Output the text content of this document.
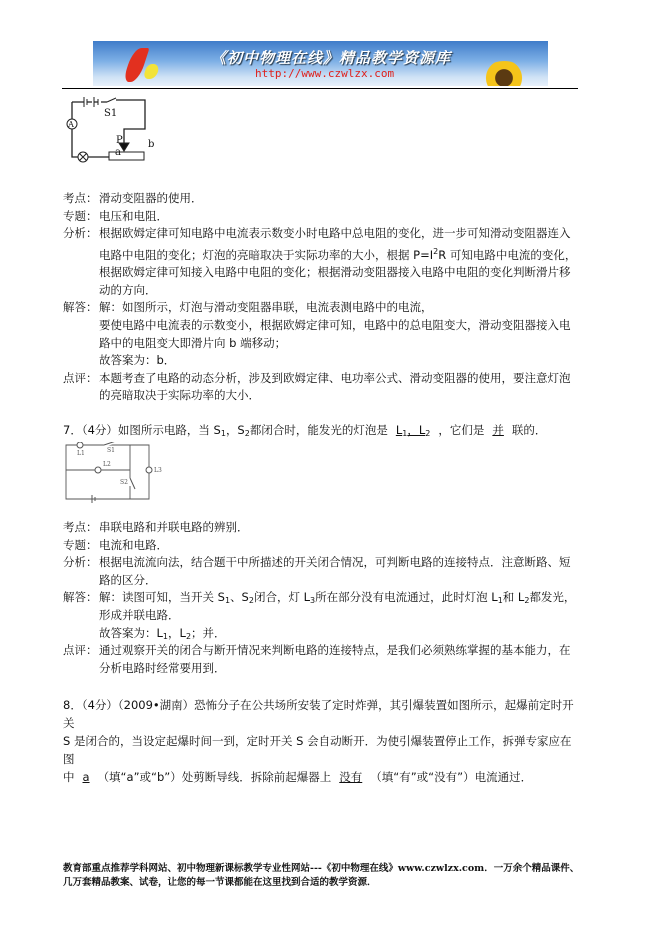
《初中物理在线》精品教学资源库
http://www.czwlzx.com
A
S1
P
a
b
考点： 滑动变阻器的使用．
专题： 电压和电阻．
分析： 根据欧姆定律可知电路中电流表示数变小时电路中总电阻的变化，进一步可知滑动变阻器连入
电路中电阻的变化；灯泡的亮暗取决于实际功率的大小，根据 $P=I^2R$ 可知电路中电流的变化，
根据欧姆定律可知接入电路中电阻的变化；根据滑动变阻器接入电路中电阻的变化判断滑片移
动的方向．
解答： 解：如图所示，灯泡与滑动变阻器串联，电流表测电路中的电流，
要使电路中电流表的示数变小，根据欧姆定律可知，电路中的总电阻变大，滑动变阻器接入电
路中的电阻变大即滑片向 b 端移动；
故答案为：b．
点评： 本题考查了电路的动态分析，涉及到欧姆定律、电功率公式、滑动变阻器的使用，要注意灯泡
的亮暗取决于实际功率的大小．
7．（4分）如图所示电路，当 $S_1$，$S_2$都闭合时，能发光的灯泡是 $L_1$，$L_2$ ，它们是 并 联的．
L1	S1
L2
L3
S2
考点： 串联电路和并联电路的辨别．
专题： 电流和电路．
分析： 根据电流流向法，结合题干中所描述的开关闭合情况，可判断电路的连接特点．注意断路、短
路的区分．
解答： 解：读图可知，当开关 $S_1$、$S_2$闭合，灯 $L_3$所在部分没有电流通过，此时灯泡 $L_1$和 $L_2$都发光，
形成并联电路．
故答案为：$L_1$，$L_2$；并．
点评： 通过观察开关的闭合与断开情况来判断电路的连接特点，是我们必须熟练掌握的基本能力，在
分析电路时经常要用到．
8．（4分）（2009•湖南）恐怖分子在公共场所安装了定时炸弹，其引爆装置如图所示，起爆前定时开关
S 是闭合的，当设定起爆时间一到，定时开关 S 会自动断开．为使引爆装置停止工作，拆弹专家应在图
中 a （填“a”或“b”）处剪断导线．拆除前起爆器上 没有 （填“有”或“没有”）电流通过．
教育部重点推荐学科网站、初中物理新课标教学专业性网站---《初中物理在线》www.czwlzx.com．一万余个精品课件、
几万套精品教案、试卷，让您的每一节课都能在这里找到合适的教学资源．
